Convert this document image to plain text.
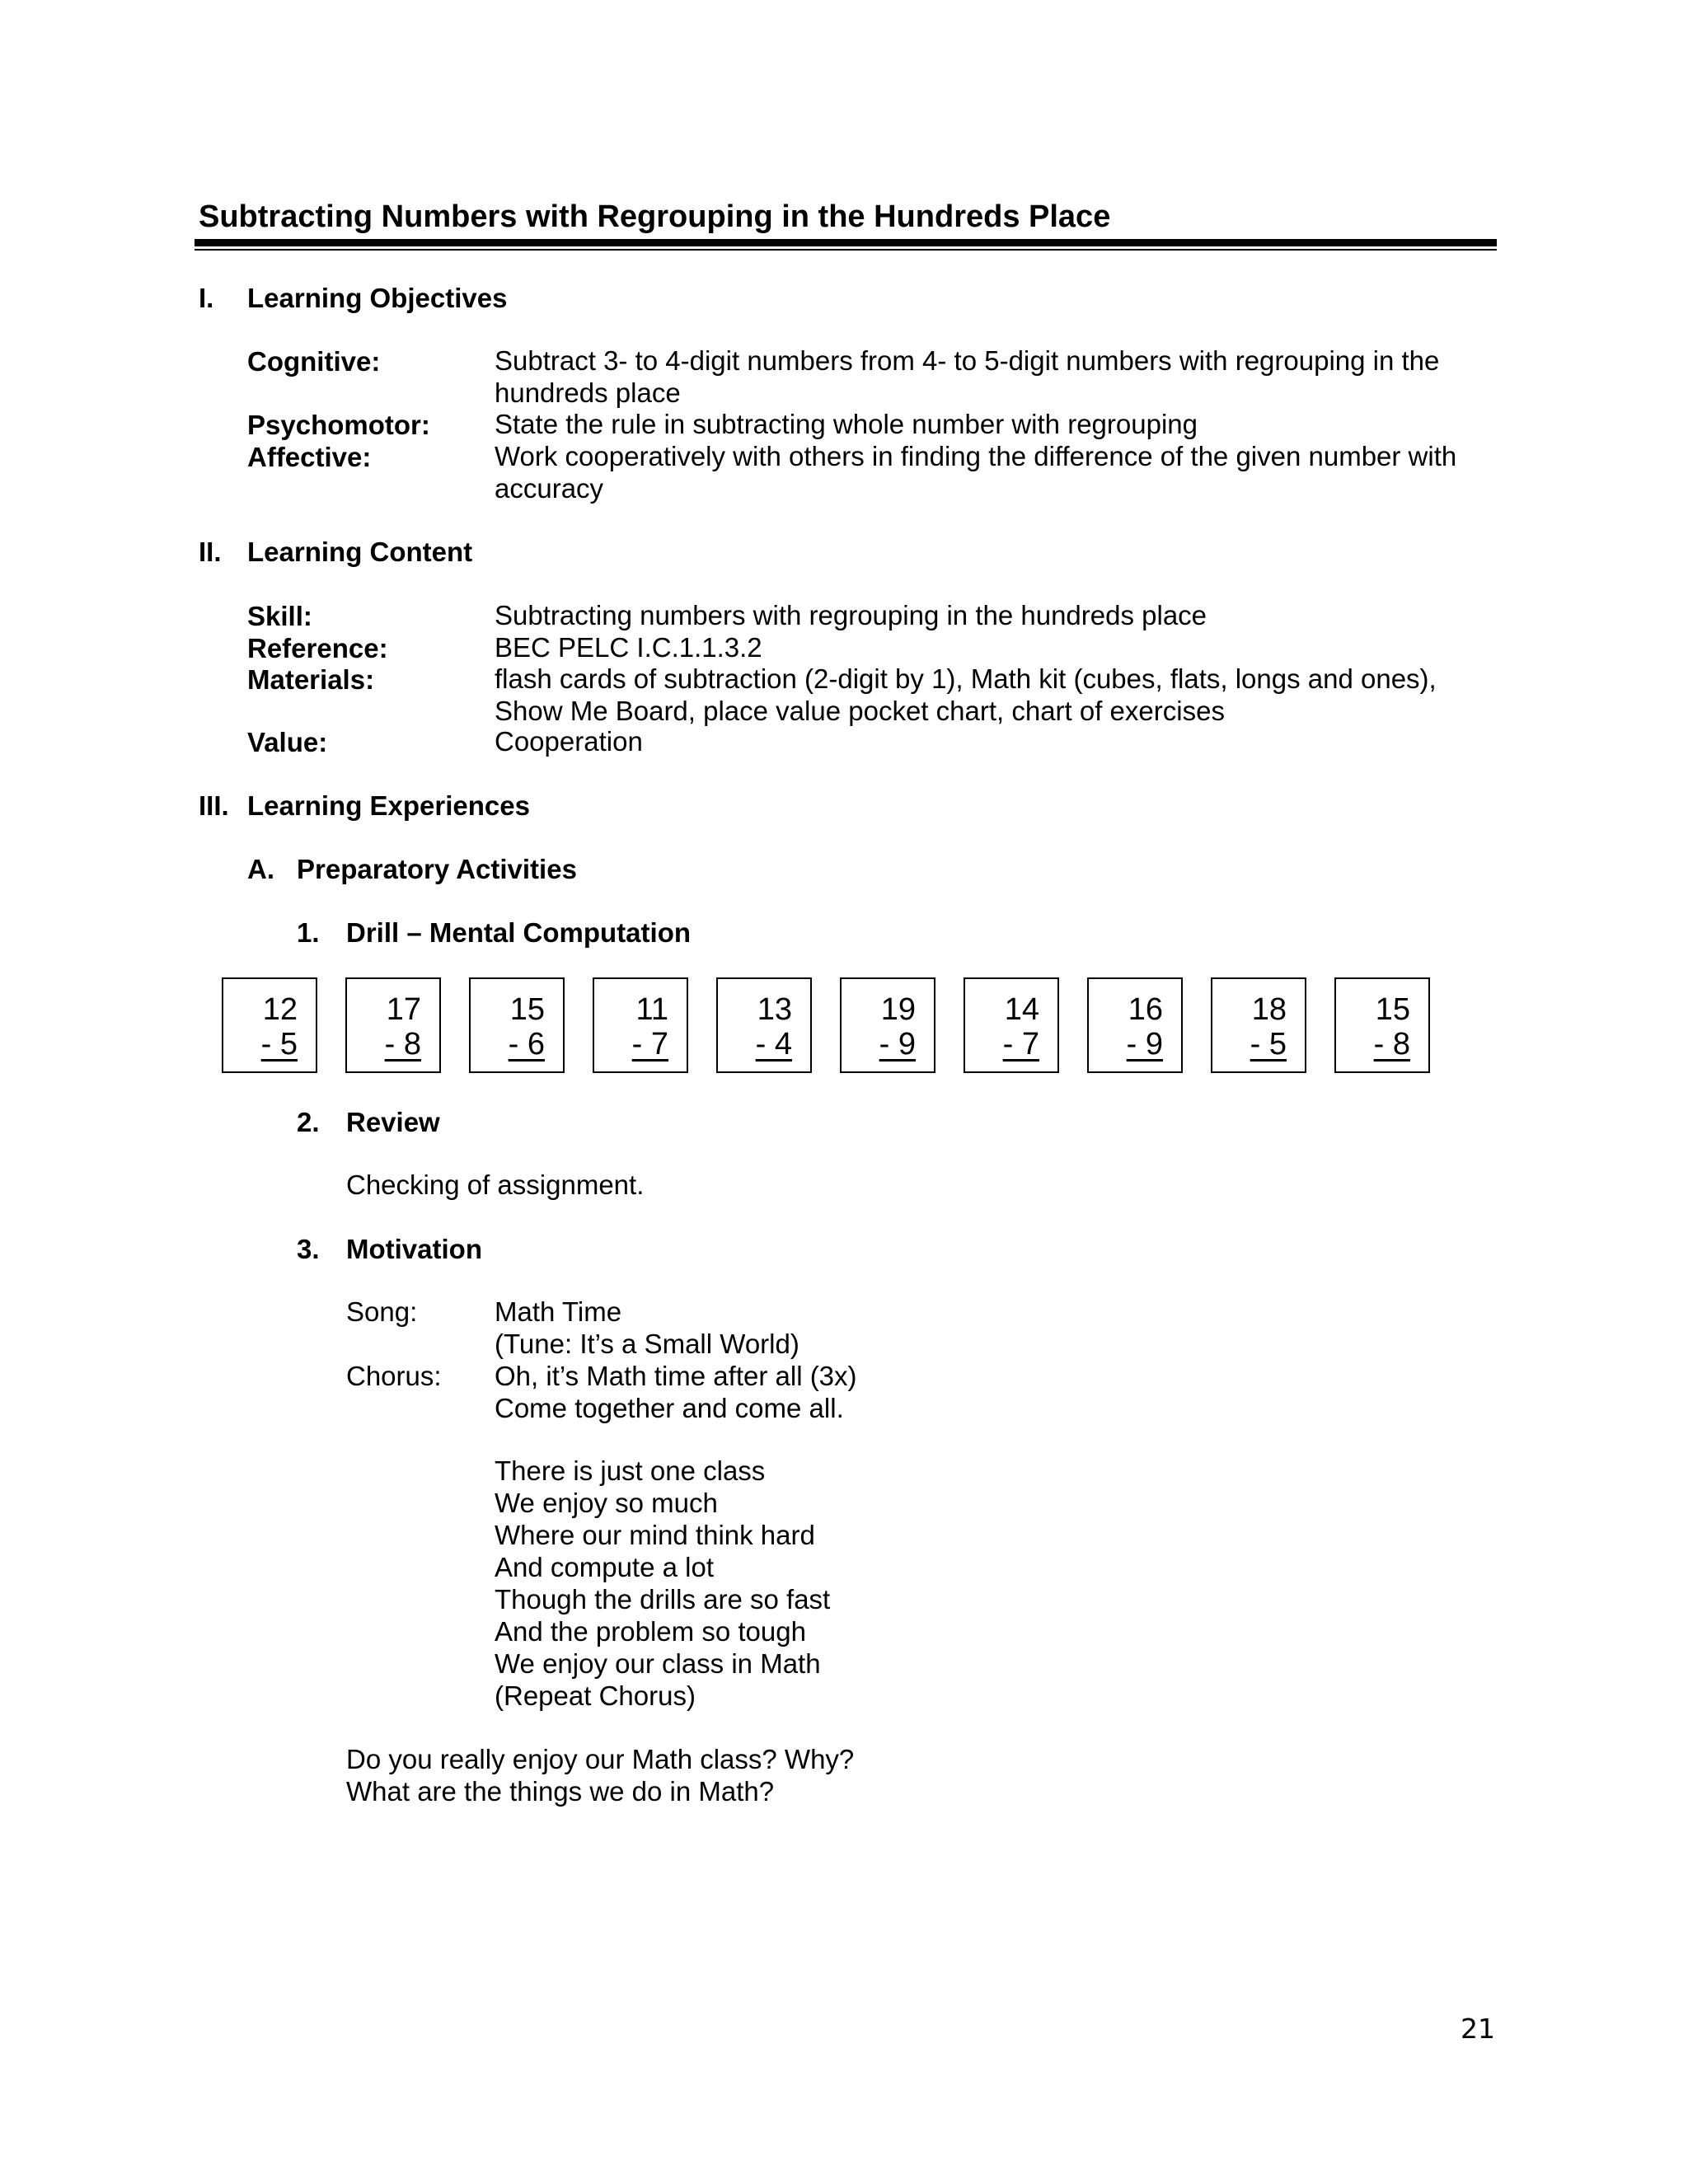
Subtracting Numbers with Regrouping in the Hundreds Place
I. Learning Objectives
Cognitive:	Subtract 3- to 4-digit numbers from 4- to 5-digit numbers with regrouping in the
hundreds place
Psychomotor: State the rule in subtracting whole number with regrouping
Affective:	Work cooperatively with others in finding the difference of the given number with
accuracy
II. Learning Content
Skill:	Subtracting numbers with regrouping in the hundreds place
Reference:	BEC PELC I.C.1.1.3.2
Materials:	flash cards of subtraction (2-digit by 1), Math kit (cubes, flats, longs and ones),
Show Me Board, place value pocket chart, chart of exercises
Value:	Cooperation
III. Learning Experiences
A. Preparatory Activities
1. Drill – Mental Computation
12
- 5
17
- 8
15
- 6
11
- 7
13
- 4
19
- 9
14
- 7
16
- 9
18
- 5
15
- 8
2. Review
Checking of assignment.
3. Motivation
Song:	Math Time
(Tune: It’s a Small World)
Chorus: Oh, it’s Math time after all (3x)
Come together and come all.
There is just one class
We enjoy so much
Where our mind think hard
And compute a lot
Though the drills are so fast
And the problem so tough
We enjoy our class in Math
(Repeat Chorus)
Do you really enjoy our Math class? Why?
What are the things we do in Math?
21
